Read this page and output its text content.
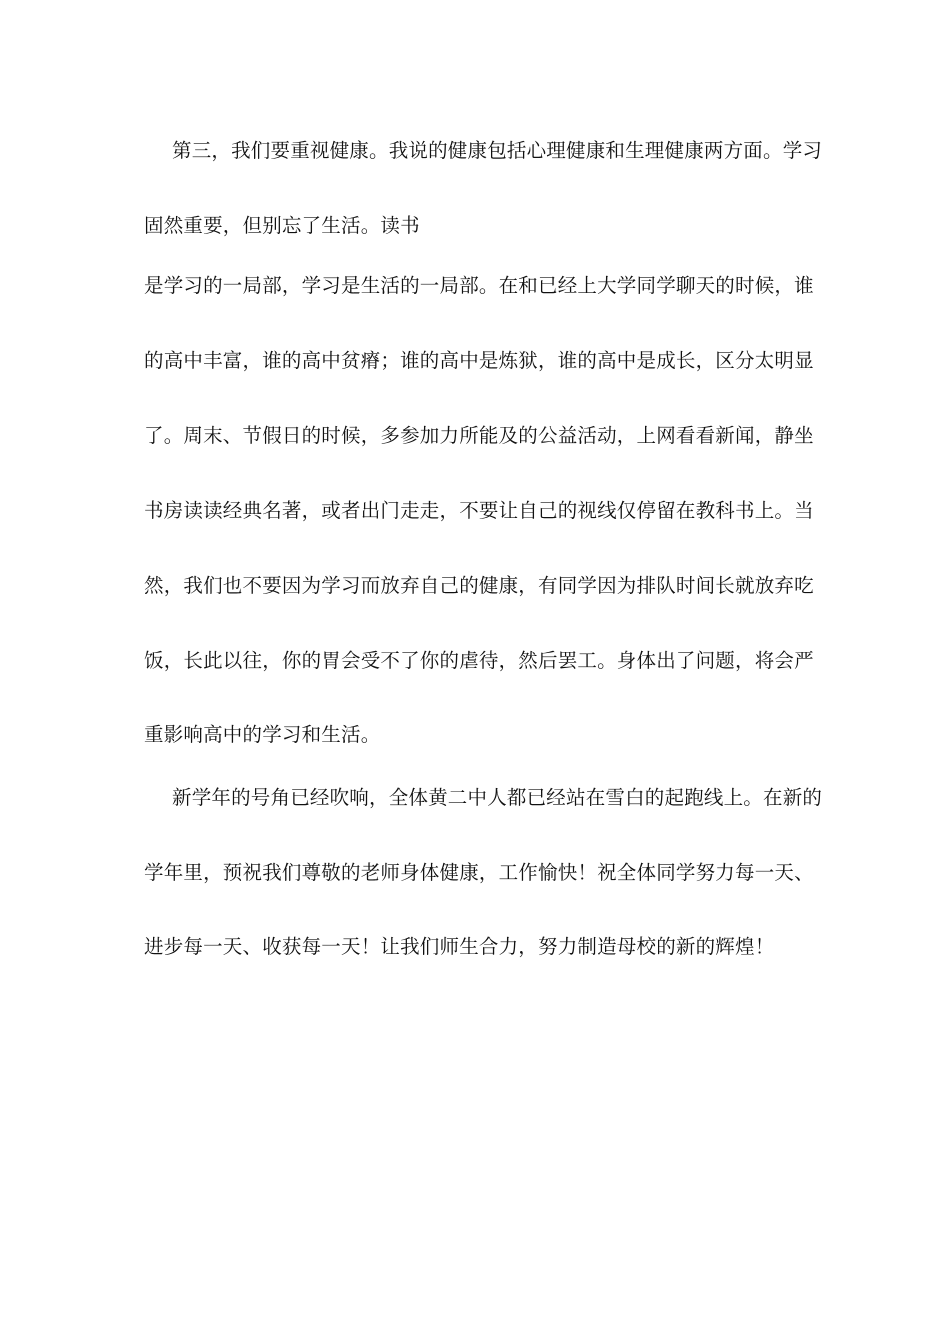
第三，我们要重视健康。我说的健康包括心理健康和生理健康两方面。学习
固然重要，但别忘了生活。读书
是学习的一局部，学习是生活的一局部。在和已经上大学同学聊天的时候，谁
的高中丰富，谁的高中贫瘠；谁的高中是炼狱，谁的高中是成长，区分太明显
了。周末、节假日的时候，多参加力所能及的公益活动，上网看看新闻，静坐
书房读读经典名著，或者出门走走，不要让自己的视线仅停留在教科书上。当
然，我们也不要因为学习而放弃自己的健康，有同学因为排队时间长就放弃吃
饭，长此以往，你的胃会受不了你的虐待，然后罢工。身体出了问题，将会严
重影响高中的学习和生活。
新学年的号角已经吹响，全体黄二中人都已经站在雪白的起跑线上。在新的
学年里，预祝我们尊敬的老师身体健康，工作愉快！祝全体同学努力每一天、
进步每一天、收获每一天！让我们师生合力，努力制造母校的新的辉煌！
